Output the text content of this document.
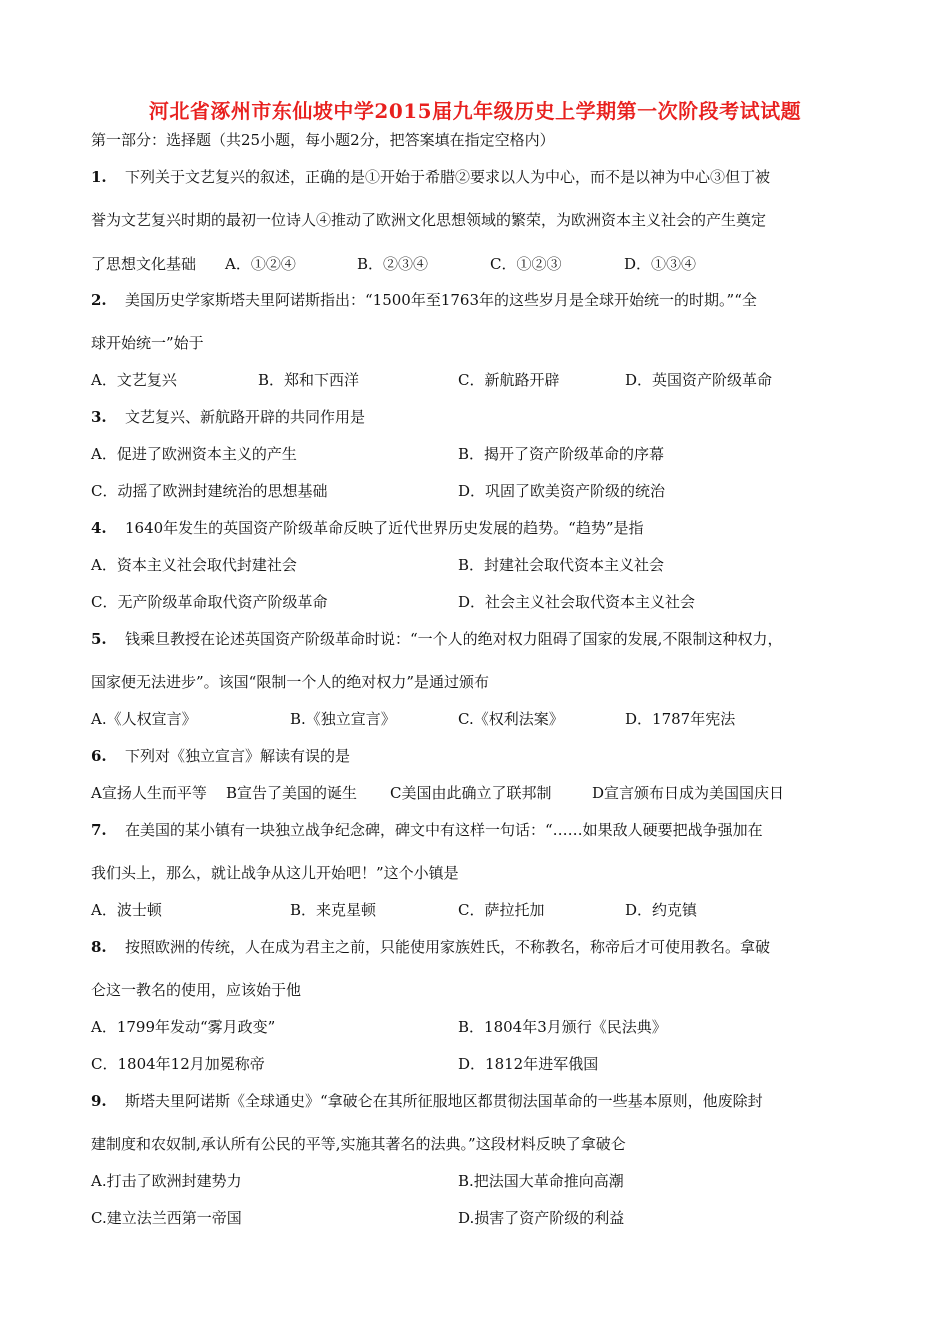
河北省涿州市东仙坡中学2015届九年级历史上学期第一次阶段考试试题
第一部分：选择题（共25小题，每小题2分，把答案填在指定空格内）
1. 下列关于文艺复兴的叙述，正确的是①开始于希腊②要求以人为中心，而不是以神为中心③但丁被
誉为文艺复兴时期的最初一位诗人④推动了欧洲文化思想领域的繁荣，为欧洲资本主义社会的产生奠定
了思想文化基础 A．①②④	B．②③④	C．①②③	D．①③④
2. 美国历史学家斯塔夫里阿诺斯指出：“1500年至1763年的这些岁月是全球开始统一的时期。”“全
球开始统一”始于
A．文艺复兴	B．郑和下西洋	C．新航路开辟	D．英国资产阶级革命
3. 文艺复兴、新航路开辟的共同作用是
A．促进了欧洲资本主义的产生	B．揭开了资产阶级革命的序幕
C．动摇了欧洲封建统治的思想基础	D．巩固了欧美资产阶级的统治
4. 1640年发生的英国资产阶级革命反映了近代世界历史发展的趋势。“趋势”是指
A．资本主义社会取代封建社会	B．封建社会取代资本主义社会
C．无产阶级革命取代资产阶级革命	D．社会主义社会取代资本主义社会
5. 钱乘旦教授在论述英国资产阶级革命时说：“一个人的绝对权力阻碍了国家的发展,不限制这种权力，
国家便无法进步”。该国“限制一个人的绝对权力”是通过颁布
A.《人权宣言》	B.《独立宣言》	C.《权利法案》	D．1787年宪法
6. 下列对《独立宣言》解读有误的是
A宣扬人生而平等 B宣告了美国的诞生 C美国由此确立了联邦制	D宣言颁布日成为美国国庆日
7. 在美国的某小镇有一块独立战争纪念碑，碑文中有这样一句话：“……如果敌人硬要把战争强加在
我们头上，那么，就让战争从这儿开始吧！”这个小镇是
A．波士顿	B．来克星顿	C．萨拉托加	D．约克镇
8. 按照欧洲的传统，人在成为君主之前，只能使用家族姓氏，不称教名，称帝后才可使用教名。拿破
仑这一教名的使用，应该始于他
A．1799年发动“雾月政变”	B．1804年3月颁行《民法典》
C．1804年12月加冕称帝	D．1812年进军俄国
9. 斯塔夫里阿诺斯《全球通史》“拿破仑在其所征服地区都贯彻法国革命的一些基本原则，他废除封
建制度和农奴制,承认所有公民的平等,实施其著名的法典。”这段材料反映了拿破仑
A.打击了欧洲封建势力	B.把法国大革命推向高潮
C.建立法兰西第一帝国	D.损害了资产阶级的利益
